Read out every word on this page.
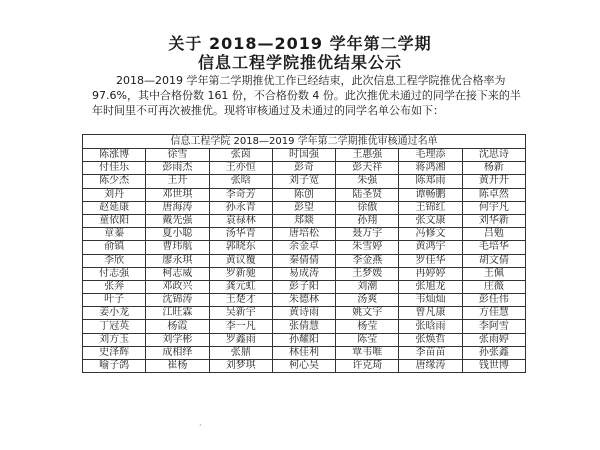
关于 2018—2019 学年第二学期
信息工程学院推优结果公示
2018—2019 学年第二学期推优工作已经结束，此次信息工程学院推优合格率为 97.6%，其中合格份数 161 份，不合格份数 4 份。此次推优未通过的同学在接下来的半年时间里不可再次被推优。现将审核通过及未通过的同学名单公布如下：
信息工程学院 2018—2019 学年第二学期推优审核通过名单						
陈涨博	徐雪	张茵	时国强	王惠强	毛理添	沈思诗
付佳乐	彭雨杰	王亦恒	彭奇	彭天祥	蒋鸿湘	杨新
陈少杰	王开	张晗	刘子宽	朱强	陈郑雨	黄开开
刘丹	邓世琪	李奇芳	陈创	陆圣贤	谭畅鹏	陈卓然
赵延康	唐海涛	孙永青	彭望	徐傲	王锦红	何宇凡
童依阳	戴先强	袁禄林	郑燚	孙翔	张文康	刘华新
章蓁	夏小聪	汤华青	唐培松	聂万宇	冯修文	吕勉
俞镇	曹玮航	郭晓东	余金卓	朱雪婷	黄鸿宇	毛培华
李欣	廖永琪	黄议覆	秦倩倩	李金燕	罗佳华	胡文倩
付志强	柯志威	罗新驰	易成涛	王梦媛	冉婷婷	王佩
张奔	邓政兴	龚元虹	彭子阳	刘潮	张旭龙	庄薇
叶子	沈锦涛	王楚才	朱德林	汤爽	韦灿灿	彭任伟
姜小龙	江旺霖	吴新宇	黄诗雨	姚文宇	曾凡康	方佳慧
丁冠英	杨霞	李一凡	张倩慧	杨莹	张晗雨	李阿雪
刘方玉	刘学彬	罗鑫雨	孙耀阳	陈莹	张焕哲	张雨婷
史泽辉	成相绎	张鼎	林佳利	覃韦唯	李苗苗	孙张鑫
喻子鸽	崔杨	刘梦琪	柯心昊	许克琦	唐缘涛	钱世博
·
